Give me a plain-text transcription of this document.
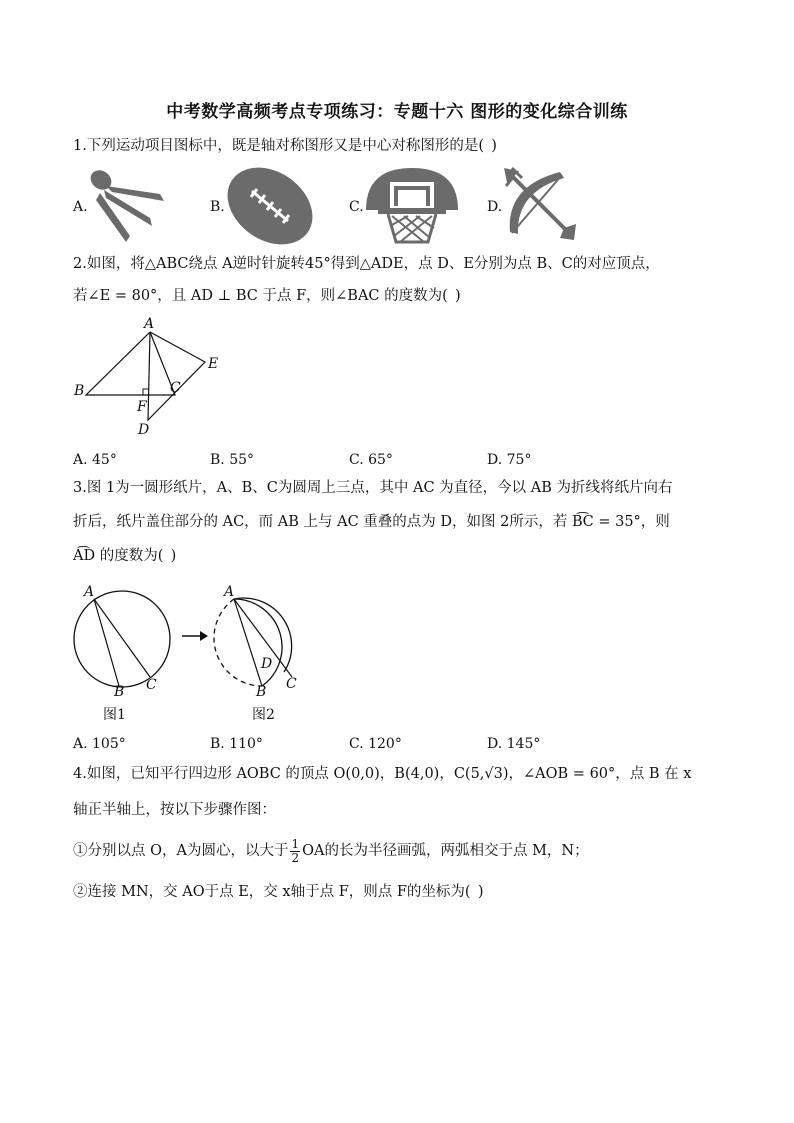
中考数学高频考点专项练习：专题十六 图形的变化综合训练
1.下列运动项目图标中，既是轴对称图形又是中心对称图形的是( )
A.	B.	C.	D.
2.如图，将△ABC绕点 A逆时针旋转45°得到△ADE，点 D、E分别为点 B、C的对应顶点，
若∠E = 80°，且 AD ⊥ BC 于点 F，则∠BAC 的度数为( )
A
B	C
D
E
F
A. 45°	B. 55°	C. 65°	D. 75°
3.图 1为一圆形纸片，A、B、C为圆周上三点，其中 AC 为直径，今以 AB 为折线将纸片向右
折后，纸片盖住部分的 AC，而 AB 上与 AC 重叠的点为 D，如图 2所示，若 B͡C = 35°，则
A͡D 的度数为( )
A
B C
图1
A
D
B C
图2
A. 105°	B. 110°	C. 120°	D. 145°
4.如图，已知平行四边形 AOBC 的顶点 O(0,0)，B(4,0)，C(5,√3)，∠AOB = 60°，点 B 在 x
轴正半轴上，按以下步骤作图：
①分别以点 O，A为圆心，以大于 $\frac{1}{2}$ OA的长为半径画弧，两弧相交于点 M，N；
②连接 MN，交 AO于点 E，交 x轴于点 F，则点 F的坐标为( )
